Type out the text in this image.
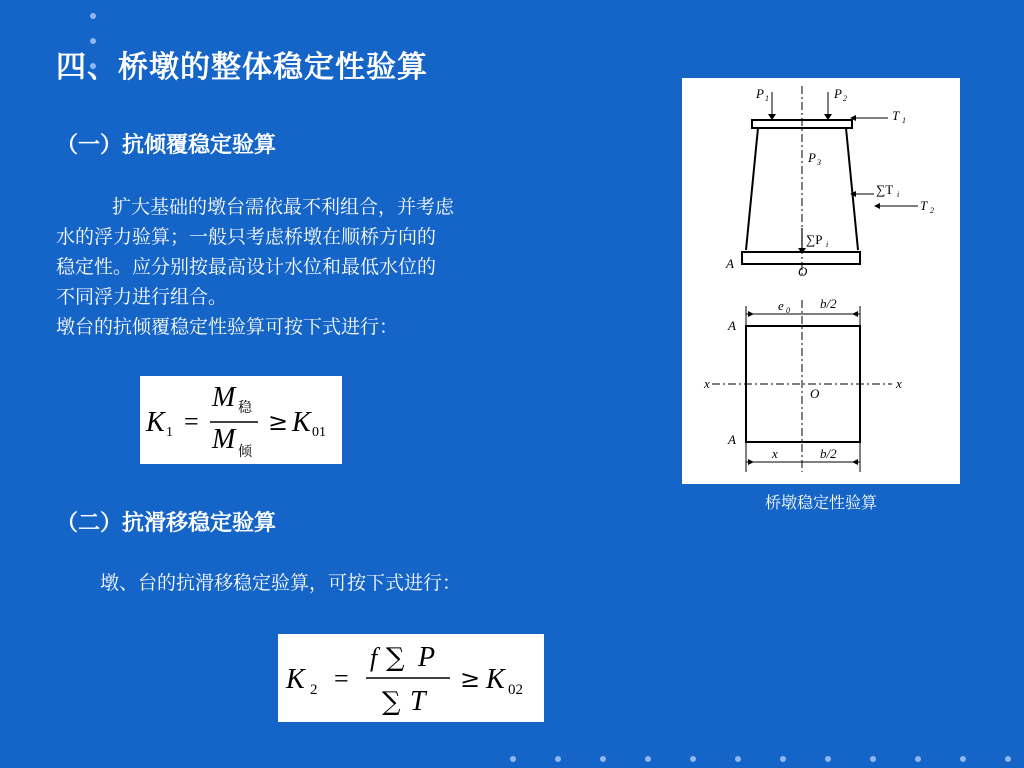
四、桥墩的整体稳定性验算
（一）抗倾覆稳定验算

扩大基础的墩台需依最不利组合，并考虑

水的浮力验算；一般只考虑桥墩在顺桥方向的

稳定性。应分别按最高设计水位和最低水位的

不同浮力进行组合。

墩台的抗倾覆稳定性验算可按下式进行：

K 1 =
M 稳
M 倾
≥ K 01
（二）抗滑移稳定验算
墩、台的抗滑移稳定验算，可按下式进行：
K 2 =
f ∑ P
∑ T
≥ K 02
P 1	P 2
T 1
P 3
∑T i
T 2
∑P i
A
O
e 0 b/2
A
A
x	x
O
x	b/2
桥墩稳定性验算
